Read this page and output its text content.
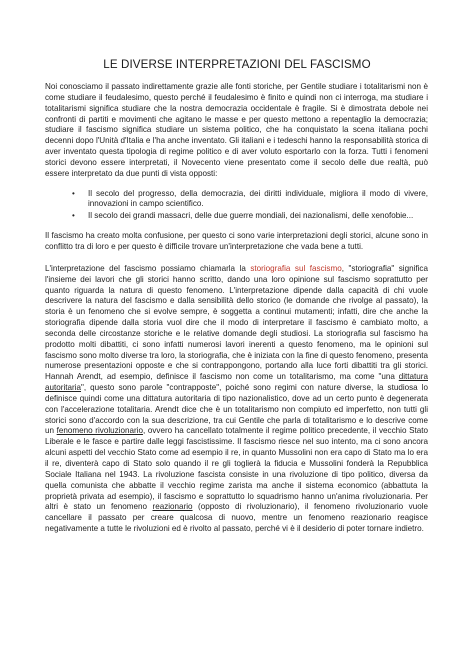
LE DIVERSE INTERPRETAZIONI DEL FASCISMO

Noi conosciamo il passato indirettamente grazie alle fonti storiche, per Gentile studiare i totalitarismi non è come studiare il feudalesimo, questo perché il feudalesimo è finito e quindi non ci interroga, ma studiare i totalitarismi significa studiare che la nostra democrazia occidentale è fragile. Si è dimostrata debole nei confronti di partiti e movimenti che agitano le masse e per questo mettono a repentaglio la democrazia; studiare il fascismo significa studiare un sistema politico, che ha conquistato la scena italiana pochi decenni dopo l'Unità d'Italia e l'ha anche inventato. Gli italiani e i tedeschi hanno la responsabilità storica di aver inventato questa tipologia di regime politico e di aver voluto esportarlo con la forza. Tutti i fenomeni storici devono essere interpretati, il Novecento viene presentato come il secolo delle due realtà, può essere interpretato da due punti di vista opposti:

• Il secolo del progresso, della democrazia, dei diritti individuale, migliora il modo di vivere, innovazioni in campo scientifico.
• Il secolo dei grandi massacri, delle due guerre mondiali, dei nazionalismi, delle xenofobie...

Il fascismo ha creato molta confusione, per questo ci sono varie interpretazioni degli storici, alcune sono in conflitto tra di loro e per questo è difficile trovare un'interpretazione che vada bene a tutti.

L'interpretazione del fascismo possiamo chiamarla la storiografia sul fascismo, "storiografia" significa l'insieme dei lavori che gli storici hanno scritto, dando una loro opinione sul fascismo soprattutto per quanto riguarda la natura di questo fenomeno. L'interpretazione dipende dalla capacità di chi vuole descrivere la natura del fascismo e dalla sensibilità dello storico (le domande che rivolge al passato), la storia è un fenomeno che si evolve sempre, è soggetta a continui mutamenti; infatti, dire che anche la storiografia dipende dalla storia vuol dire che il modo di interpretare il fascismo è cambiato molto, a seconda delle circostanze storiche e le relative domande degli studiosi. La storiografia sul fascismo ha prodotto molti dibattiti, ci sono infatti numerosi lavori inerenti a questo fenomeno, ma le opinioni sul fascismo sono molto diverse tra loro, la storiografia, che è iniziata con la fine di questo fenomeno, presenta numerose presentazioni opposte e che si contrappongono, portando alla luce forti dibattiti tra gli storici. Hannah Arendt, ad esempio, definisce il fascismo non come un totalitarismo, ma come "una dittatura autoritaria", questo sono parole "contrapposte", poiché sono regimi con nature diverse, la studiosa lo definisce quindi come una dittatura autoritaria di tipo nazionalistico, dove ad un certo punto è degenerata con l'accelerazione totalitaria. Arendt dice che è un totalitarismo non compiuto ed imperfetto, non tutti gli storici sono d'accordo con la sua descrizione, tra cui Gentile che parla di totalitarismo e lo descrive come un fenomeno rivoluzionario, ovvero ha cancellato totalmente il regime politico precedente, il vecchio Stato Liberale e le fasce e partire dalle leggi fascistissime. Il fascismo riesce nel suo intento, ma ci sono ancora alcuni aspetti del vecchio Stato come ad esempio il re, in quanto Mussolini non era capo di Stato ma lo era il re, diventerà capo di Stato solo quando il re gli toglierà la fiducia e Mussolini fonderà la Repubblica Sociale Italiana nel 1943. La rivoluzione fascista consiste in una rivoluzione di tipo politico, diversa da quella comunista che abbatte il vecchio regime zarista ma anche il sistema economico (abbattuta la proprietà privata ad esempio), il fascismo e soprattutto lo squadrismo hanno un'anima rivoluzionaria. Per altri è stato un fenomeno reazionario (opposto di rivoluzionario), il fenomeno rivoluzionario vuole cancellare il passato per creare qualcosa di nuovo, mentre un fenomeno reazionario reagisce negativamente a tutte le rivoluzioni ed è rivolto al passato, perché vi è il desiderio di poter tornare indietro.
